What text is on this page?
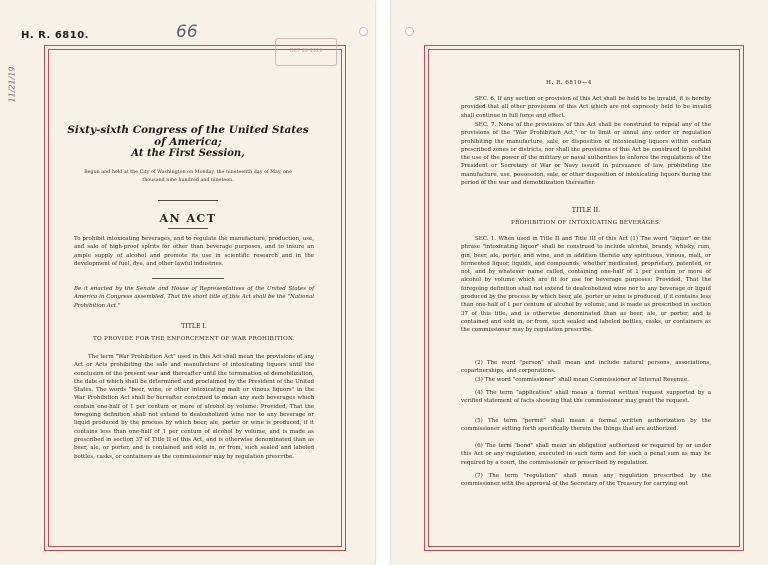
H. R. 6810.	66
11/21/19
OCT 28 1919
Sixty-sixth Congress of the United States of America;
At the First Session,
Begun and held at the City of Washington on Monday, the nineteenth day of May, one thousand nine hundred and nineteen.
AN ACT
To prohibit intoxicating beverages, and to regulate the manufacture, production, use, and sale of high-proof spirits for other than beverage purposes, and to insure an ample supply of alcohol and promote its use in scientific research and in the development of fuel, dye, and other lawful industries.
Be it enacted by the Senate and House of Representatives of the United States of America in Congress assembled, That the short title of this Act shall be the "National Prohibition Act."
TITLE I.
TO PROVIDE FOR THE ENFORCEMENT OF WAR PROHIBITION.
The term "War Prohibition Act" used in this Act shall mean the provisions of any Act or Acts prohibiting the sale and manufacture of intoxicating liquors until the conclusion of the present war and thereafter until the termination of demobilization, the date of which shall be determined and proclaimed by the President of the United States. The words "beer, wine, or other intoxicating malt or vinous liquors" in the War Prohibition Act shall be hereafter construed to mean any such beverages which contain one-half of 1 per centum or more of alcohol by volume: Provided, That the foregoing definition shall not extend to dealcoholized wine nor to any beverage or liquid produced by the process by which beer, ale, porter or wine is produced, if it contains less than one-half of 1 per centum of alcohol by volume, and is made as prescribed in section 37 of Title II of this Act, and is otherwise denominated than as beer, ale, or porter, and is contained and sold in, or from, such sealed and labeled bottles, casks, or containers as the commissioner may by regulation prescribe.
H. R. 6810—4
SEC. 6. If any section or provision of this Act shall be held to be invalid, it is hereby provided that all other provisions of this Act which are not expressly held to be invalid shall continue in full force and effect.
SEC. 7. None of the provisions of this Act shall be construed to repeal any of the provisions of the "War Prohibition Act," or to limit or annul any order or regulation prohibiting the manufacture, sale, or disposition of intoxicating liquors within certain prescribed zones or districts, nor shall the provisions of this Act be construed to prohibit the use of the power of the military or naval authorities to enforce the regulations of the President or Secretary of War or Navy issued in pursuance of law, prohibiting the manufacture, use, possession, sale, or other disposition of intoxicating liquors during the period of the war and demobilization thereafter.
TITLE II.
PROHIBITION OF INTOXICATING BEVERAGES.
SEC. 1. When used in Title II and Title III of this Act (1) The word "liquor" or the phrase "intoxicating liquor" shall be construed to include alcohol, brandy, whisky, rum, gin, beer, ale, porter, and wine, and in addition thereto any spirituous, vinous, malt, or fermented liquor, liquids, and compounds, whether medicated, proprietary, patented, or not, and by whatever name called, containing one-half of 1 per centum or more of alcohol by volume which are fit for use for beverage purposes: Provided, That the foregoing definition shall not extend to dealcoholized wine nor to any beverage or liquid produced by the process by which beer, ale, porter or wine is produced, if it contains less than one-half of 1 per centum of alcohol by volume, and is made as prescribed in section 37 of this title, and is otherwise denominated than as beer, ale, or porter, and is contained and sold in, or from, such sealed and labeled bottles, casks, or containers as the commissioner may by regulation prescribe.
(2) The word "person" shall mean and include natural persons, associations, copartnerships, and corporations.
(3) The word "commissioner" shall mean Commissioner of Internal Revenue.
(4) The term "application" shall mean a formal written request supported by a verified statement of facts showing that the commissioner may grant the request.
(5) The term "permit" shall mean a formal written authorization by the commissioner setting forth specifically therein the things that are authorized.
(6) The term "bond" shall mean an obligation authorized or required by or under this Act or any regulation, executed in such form and for such a penal sum as may be required by a court, the commissioner or prescribed by regulation.
(7) The term "regulation" shall mean any regulation prescribed by the commissioner with the approval of the Secretary of the Treasury for carrying out
